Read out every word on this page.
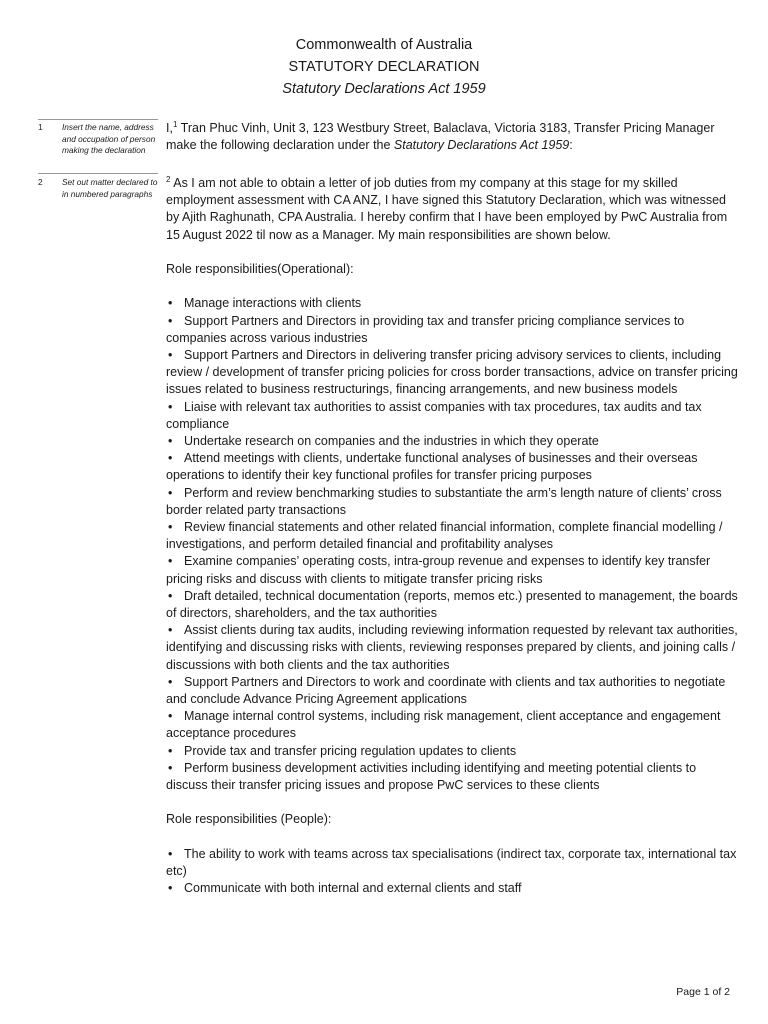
Commonwealth of Australia
STATUTORY DECLARATION
Statutory Declarations Act 1959
1 Insert the name, address and occupation of person making the declaration
2 Set out matter declared to in numbered paragraphs

I,$^1$ Tran Phuc Vinh, Unit 3, 123 Westbury Street, Balaclava, Victoria 3183, Transfer Pricing Manager make the following declaration under the Statutory Declarations Act 1959:

$^2$ As I am not able to obtain a letter of job duties from my company at this stage for my skilled employment assessment with CA ANZ, I have signed this Statutory Declaration, which was witnessed by Ajith Raghunath, CPA Australia. I hereby confirm that I have been employed by PwC Australia from 15 August 2022 til now as a Manager. My main responsibilities are shown below.

Role responsibilities(Operational):

• Manage interactions with clients
• Support Partners and Directors in providing tax and transfer pricing compliance services to companies across various industries
• Support Partners and Directors in delivering transfer pricing advisory services to clients, including review / development of transfer pricing policies for cross border transactions, advice on transfer pricing issues related to business restructurings, financing arrangements, and new business models
• Liaise with relevant tax authorities to assist companies with tax procedures, tax audits and tax compliance
• Undertake research on companies and the industries in which they operate
• Attend meetings with clients, undertake functional analyses of businesses and their overseas operations to identify their key functional profiles for transfer pricing purposes
• Perform and review benchmarking studies to substantiate the arm’s length nature of clients’ cross border related party transactions
• Review financial statements and other related financial information, complete financial modelling / investigations, and perform detailed financial and profitability analyses
• Examine companies’ operating costs, intra-group revenue and expenses to identify key transfer pricing risks and discuss with clients to mitigate transfer pricing risks
• Draft detailed, technical documentation (reports, memos etc.) presented to management, the boards of directors, shareholders, and the tax authorities
• Assist clients during tax audits, including reviewing information requested by relevant tax authorities, identifying and discussing risks with clients, reviewing responses prepared by clients, and joining calls / discussions with both clients and the tax authorities
• Support Partners and Directors to work and coordinate with clients and tax authorities to negotiate and conclude Advance Pricing Agreement applications
• Manage internal control systems, including risk management, client acceptance and engagement acceptance procedures
• Provide tax and transfer pricing regulation updates to clients
• Perform business development activities including identifying and meeting potential clients to discuss their transfer pricing issues and propose PwC services to these clients

Role responsibilities (People):

• The ability to work with teams across tax specialisations (indirect tax, corporate tax, international tax etc)
• Communicate with both internal and external clients and staff
Page 1 of 2
